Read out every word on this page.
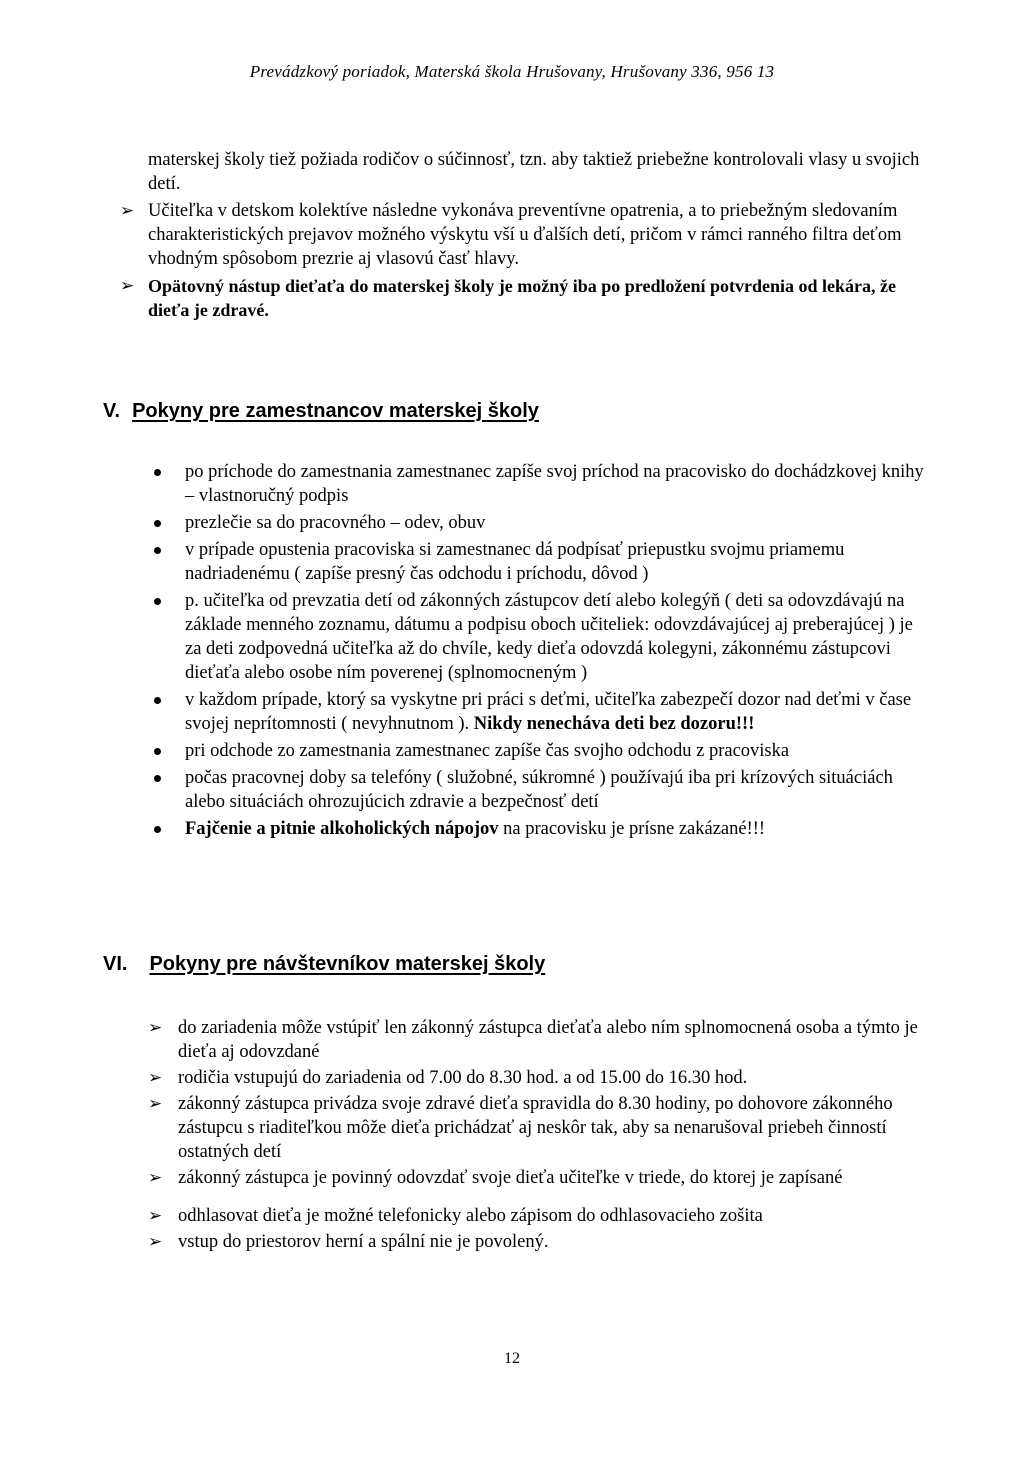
Prevádzkový poriadok, Materská škola Hrušovany, Hrušovany 336, 956 13

materskej školy tiež požiada rodičov o súčinnosť, tzn. aby taktiež priebežne kontrolovali vlasy u svojich detí.

➢ Učiteľka v detskom kolektíve následne vykonáva preventívne opatrenia, a to priebežným sledovaním charakteristických prejavov možného výskytu vší u ďalších detí, pričom v rámci ranného filtra deťom vhodným spôsobom prezrie aj vlasovú časť hlavy.

➢ Opätovný nástup dieťaťa do materskej školy je možný iba po predložení potvrdenia od lekára, že dieťa je zdravé.

V. Pokyny pre zamestnancov materskej školy
po príchode do zamestnania zamestnanec zapíše svoj príchod na pracovisko do dochádzkovej knihy – vlastnoručný podpis
prezlečie sa do pracovného – odev, obuv
v prípade opustenia pracoviska si zamestnanec dá podpísať priepustku svojmu priamemu nadriadenému ( zapíše presný čas odchodu i príchodu, dôvod )
p. učiteľka od prevzatia detí od zákonných zástupcov detí alebo kolegýň ( deti sa odovzdávajú na základe menného zoznamu, dátumu a podpisu oboch učiteliek: odovzdávajúcej aj preberajúcej ) je za deti zodpovedná učiteľka až do chvíle, kedy dieťa odovzdá kolegyni, zákonnému zástupcovi dieťaťa alebo osobe ním poverenej (splnomocneným )
v každom prípade, ktorý sa vyskytne pri práci s deťmi, učiteľka zabezpečí dozor nad deťmi v čase svojej neprítomnosti ( nevyhnutnom ). Nikdy nenecháva deti bez dozoru!!!
pri odchode zo zamestnania zamestnanec zapíše čas svojho odchodu z pracoviska
počas pracovnej doby sa telefóny ( služobné, súkromné ) používajú iba pri krízových situáciách alebo situáciách ohrozujúcich zdravie a bezpečnosť detí
Fajčenie a pitnie alkoholických nápojov na pracovisku je prísne zakázané!!!
VI. Pokyny pre návštevníkov materskej školy
➢ do zariadenia môže vstúpiť len zákonný zástupca dieťaťa alebo ním splnomocnená osoba a týmto je dieťa aj odovzdané
➢ rodičia vstupujú do zariadenia od 7.00 do 8.30 hod. a od 15.00 do 16.30 hod.
➢ zákonný zástupca privádza svoje zdravé dieťa spravidla do 8.30 hodiny, po dohovore zákonného zástupcu s riaditeľkou môže dieťa prichádzať aj neskôr tak, aby sa nenarušoval priebeh činností ostatných detí
➢ zákonný zástupca je povinný odovzdať svoje dieťa učiteľke v triede, do ktorej je zapísané
➢ odhlasovat dieťa je možné telefonicky alebo zápisom do odhlasovacieho zošita
➢ vstup do priestorov herní a spální nie je povolený.
12
